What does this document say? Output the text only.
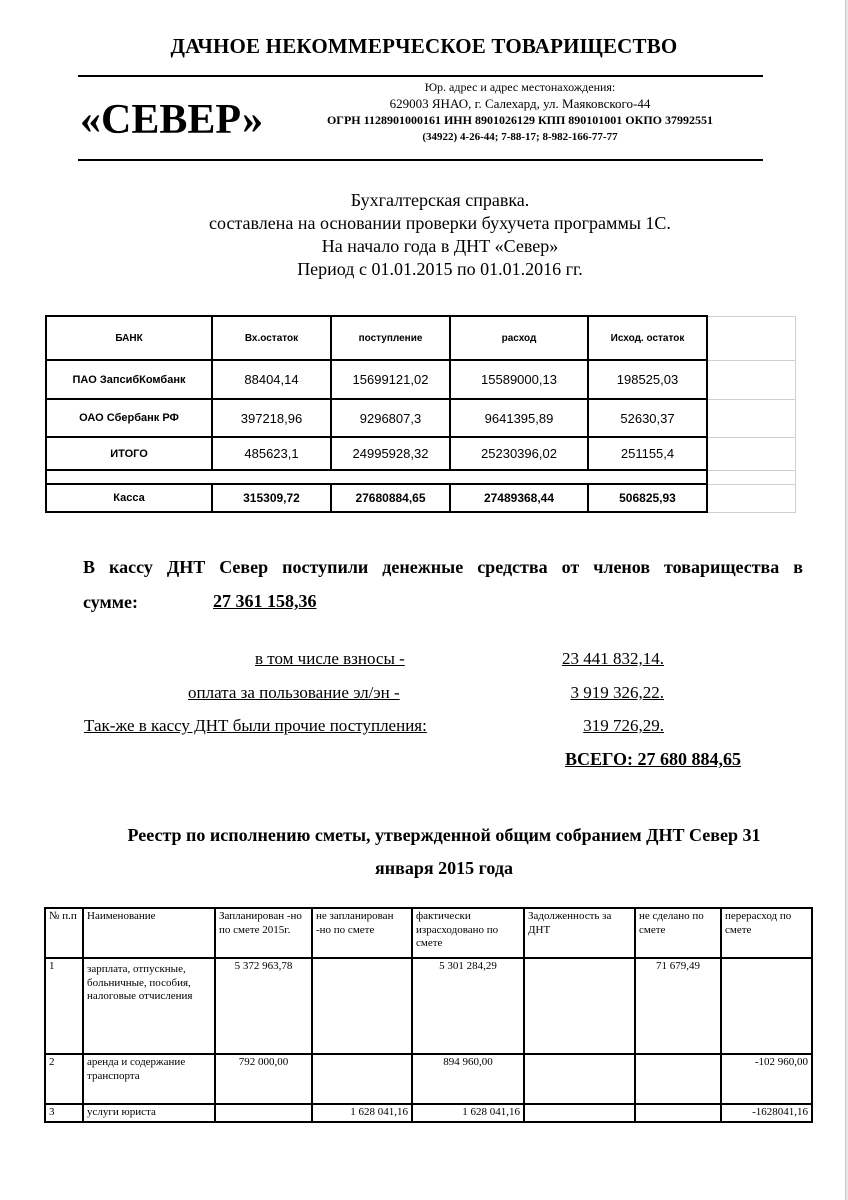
ДАЧНОЕ НЕКОММЕРЧЕСКОЕ ТОВАРИЩЕСТВО
«СЕВЕР»
Юр. адрес и адрес местонахождения:
629003 ЯНАО, г. Салехард, ул. Маяковского-44
ОГРН 1128901000161 ИНН 8901026129 КПП 890101001 ОКПО 37992551
(34922) 4-26-44; 7-88-17; 8-982-166-77-77
Бухгалтерская справка.
составлена на основании проверки бухучета программы 1С.
На начало года в ДНТ «Север»
Период с 01.01.2015 по 01.01.2016 гг.
БАНК	Вх.остаток	поступление	расход	Исход. остаток	
ПАО ЗапсибКомбанк	88404,14	15699121,02	15589000,13	198525,03	
ОАО Сбербанк РФ	397218,96	9296807,3	9641395,89	52630,37	
ИТОГО	485623,1	24995928,32	25230396,02	251155,4	

Касса	315309,72	27680884,65	27489368,44	506825,93	
В кассу ДНТ Север поступили денежные средства от членов товарищества в
сумме:	27 361 158,36
в том числе взносы -	23 441 832,14.
оплата за пользование эл/эн -	3 919 326,22.
Так-же в кассу ДНТ были прочие поступления:	319 726,29.
ВСЕГО: 27 680 884,65
Реестр по исполнению сметы, утвержденной общим собранием ДНТ Север 31
января 2015 года
№ п.п	Наименование	Запланирован -но по смете 2015г.	не запланирован -но по смете	фактически израсходовано по смете	Задолженность за ДНТ	не сделано по смете	перерасход по смете
1	зарплата, отпускные, больничные, пособия, налоговые отчисления	5 372 963,78		5 301 284,29		71 679,49	
2	аренда и содержание транспорта	792 000,00		894 960,00			-102 960,00
3	услуги юриста		1 628 041,16	1 628 041,16			-1628041,16
